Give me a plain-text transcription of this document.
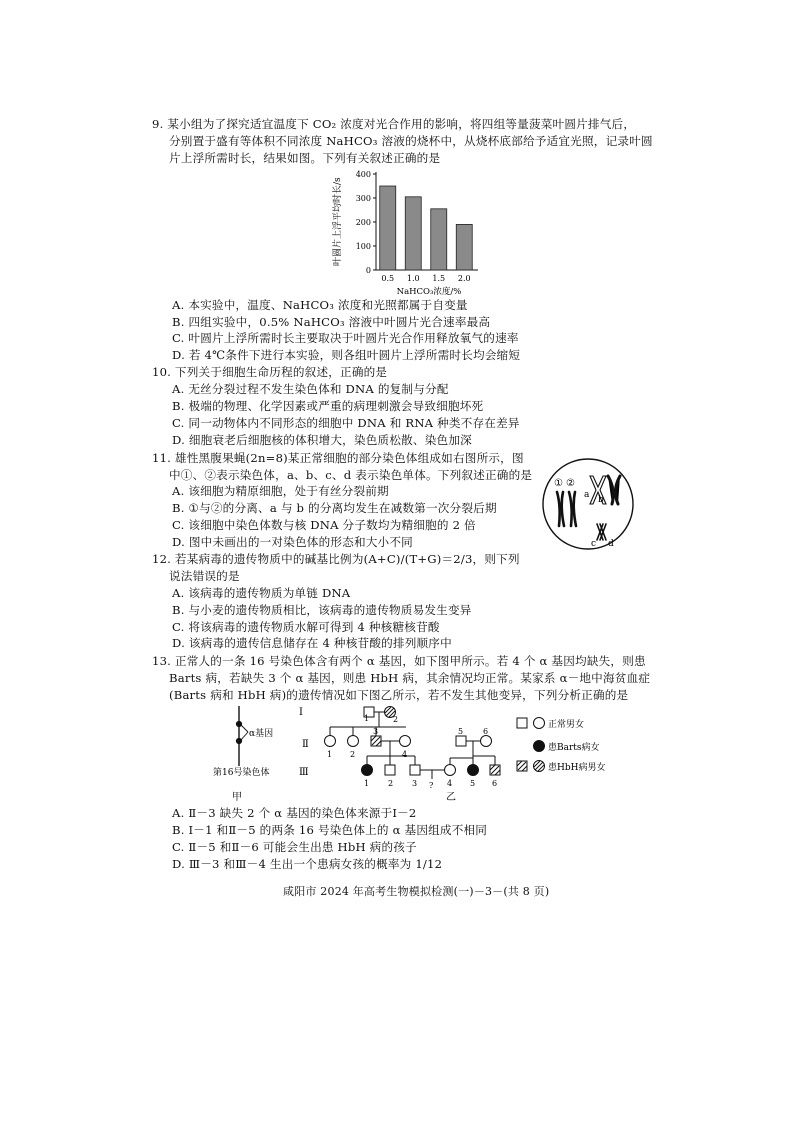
9. 某小组为了探究适宜温度下 CO₂ 浓度对光合作用的影响，将四组等量菠菜叶圆片排气后，
分别置于盛有等体积不同浓度 NaHCO₃ 溶液的烧杯中，从烧杯底部给予适宜光照，记录叶圆
片上浮所需时长，结果如图。下列有关叙述正确的是
0
100
200
300
400
叶圆片上浮平均时长/s
0.5 1.0 1.5 2.0
NaHCO₃浓度/%
A. 本实验中，温度、NaHCO₃ 浓度和光照都属于自变量
B. 四组实验中，0.5% NaHCO₃ 溶液中叶圆片光合速率最高
C. 叶圆片上浮所需时长主要取决于叶圆片光合作用释放氧气的速率
D. 若 4℃条件下进行本实验，则各组叶圆片上浮所需时长均会缩短
10. 下列关于细胞生命历程的叙述，正确的是
A. 无丝分裂过程不发生染色体和 DNA 的复制与分配
B. 极端的物理、化学因素或严重的病理刺激会导致细胞坏死
C. 同一动物体内不同形态的细胞中 DNA 和 RNA 种类不存在差异
D. 细胞衰老后细胞核的体积增大，染色质松散、染色加深
11. 雄性黑腹果蝇(2n=8)某正常细胞的部分染色体组成如右图所示，图
中①、②表示染色体，a、b、c、d 表示染色单体。下列叙述正确的是
A. 该细胞为精原细胞，处于有丝分裂前期
B. ①与②的分离、a 与 b 的分离均发生在减数第一次分裂后期
C. 该细胞中染色体数与核 DNA 分子数均为精细胞的 2 倍
D. 图中未画出的一对染色体的形态和大小不同
① ②
a b
c d
12. 若某病毒的遗传物质中的碱基比例为(A+C)/(T+G)＝2/3，则下列
说法错误的是
A. 该病毒的遗传物质为单链 DNA
B. 与小麦的遗传物质相比，该病毒的遗传物质易发生变异
C. 将该病毒的遗传物质水解可得到 4 种核糖核苷酸
D. 该病毒的遗传信息储存在 4 种核苷酸的排列顺序中
13. 正常人的一条 16 号染色体含有两个 α 基因，如下图甲所示。若 4 个 α 基因均缺失，则患
Barts 病，若缺失 3 个 α 基因，则患 HbH 病，其余情况均正常。某家系 α－地中海贫血症
(Barts 病和 HbH 病)的遗传情况如下图乙所示，若不发生其他变异，下列分析正确的是
α基因
第16号染色体
甲
Ⅰ
Ⅱ
Ⅲ
1	2
1 2
3
4
5 6
?
1 2 3	4 5 6
乙
正常男女
患Barts病女
患HbH病男女
A. Ⅱ－3 缺失 2 个 α 基因的染色体来源于Ⅰ－2
B. Ⅰ－1 和Ⅱ－5 的两条 16 号染色体上的 α 基因组成不相同
C. Ⅱ－5 和Ⅱ－6 可能会生出患 HbH 病的孩子
D. Ⅲ－3 和Ⅲ－4 生出一个患病女孩的概率为 1/12
咸阳市 2024 年高考生物模拟检测(一)－3－(共 8 页)
